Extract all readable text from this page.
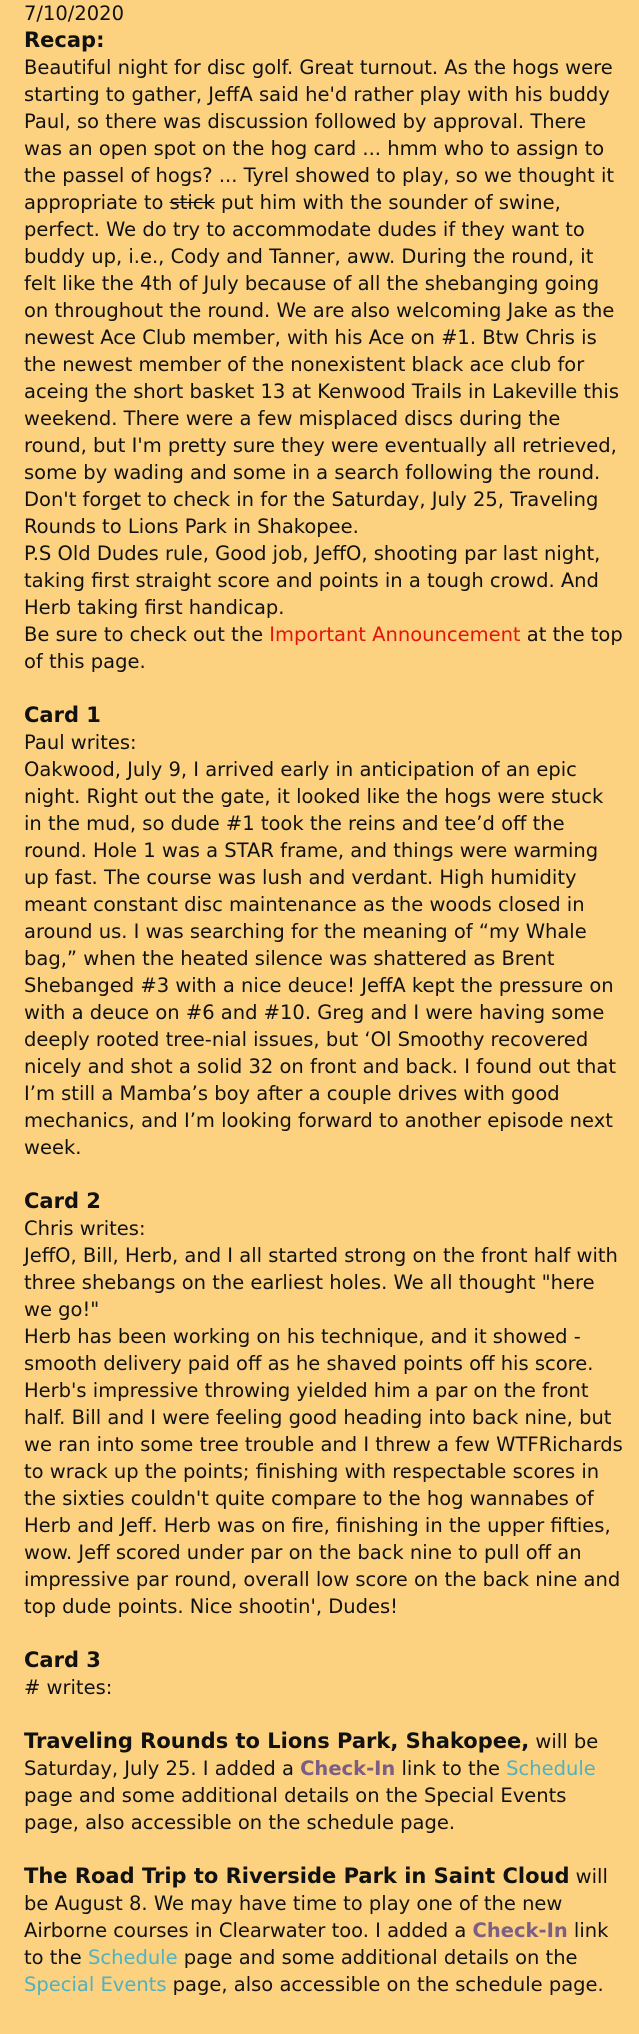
7/10/2020

Recap:

Beautiful night for disc golf. Great turnout. As the hogs were starting to gather, JeffA said he'd rather play with his buddy Paul, so there was discussion followed by approval. There was an open spot on the hog card ... hmm who to assign to the passel of hogs? ... Tyrel showed to play, so we thought it appropriate to stick put him with the sounder of swine, perfect. We do try to accommodate dudes if they want to buddy up, i.e., Cody and Tanner, aww. During the round, it felt like the 4th of July because of all the shebanging going on throughout the round. We are also welcoming Jake as the newest Ace Club member, with his Ace on #1. Btw Chris is the newest member of the nonexistent black ace club for aceing the short basket 13 at Kenwood Trails in Lakeville this weekend. There were a few misplaced discs during the round, but I'm pretty sure they were eventually all retrieved, some by wading and some in a search following the round.

Don't forget to check in for the Saturday, July 25, Traveling Rounds to Lions Park in Shakopee.

P.S Old Dudes rule, Good job, JeffO, shooting par last night, taking first straight score and points in a tough crowd. And Herb taking first handicap.

Be sure to check out the Important Announcement at the top of this page.

Card 1

Paul writes:

Oakwood, July 9, I arrived early in anticipation of an epic night. Right out the gate, it looked like the hogs were stuck in the mud, so dude #1 took the reins and tee’d off the round. Hole 1 was a STAR frame, and things were warming up fast. The course was lush and verdant. High humidity meant constant disc maintenance as the woods closed in around us. I was searching for the meaning of “my Whale bag,” when the heated silence was shattered as Brent Shebanged #3 with a nice deuce! JeffA kept the pressure on with a deuce on #6 and #10. Greg and I were having some deeply rooted tree-nial issues, but ‘Ol Smoothy recovered nicely and shot a solid 32 on front and back. I found out that I’m still a Mamba’s boy after a couple drives with good mechanics, and I’m looking forward to another episode next week.

Card 2

Chris writes:

JeffO, Bill, Herb, and I all started strong on the front half with three shebangs on the earliest holes. We all thought "here we go!"

Herb has been working on his technique, and it showed - smooth delivery paid off as he shaved points off his score. Herb's impressive throwing yielded him a par on the front half. Bill and I were feeling good heading into back nine, but we ran into some tree trouble and I threw a few WTFRichards to wrack up the points; finishing with respectable scores in the sixties couldn't quite compare to the hog wannabes of Herb and Jeff. Herb was on fire, finishing in the upper fifties, wow. Jeff scored under par on the back nine to pull off an impressive par round, overall low score on the back nine and top dude points. Nice shootin', Dudes!

Card 3

# writes:

Traveling Rounds to Lions Park, Shakopee, will be Saturday, July 25. I added a Check-In link to the Schedule page and some additional details on the Special Events page, also accessible on the schedule page.

The Road Trip to Riverside Park in Saint Cloud will be August 8. We may have time to play one of the new Airborne courses in Clearwater too. I added a Check-In link to the Schedule page and some additional details on the Special Events page, also accessible on the schedule page.
